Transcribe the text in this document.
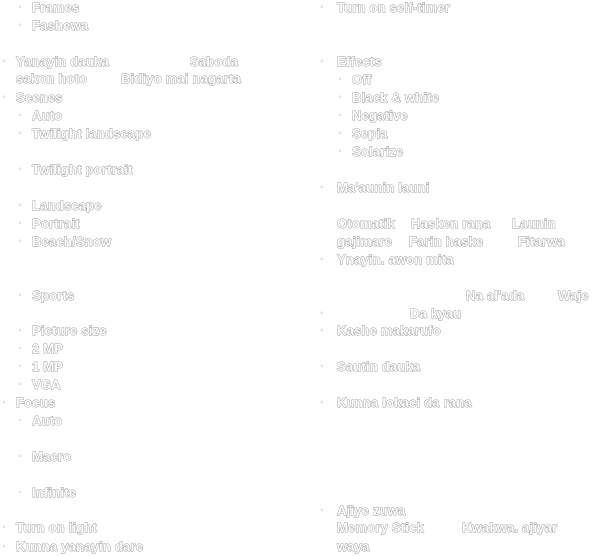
◦ Frames
◦ Fashewa
◦ Yanayin dauka	Saboda
sakon hoto	Bidiyo mai nagarta
◦ Scenes
◦ Auto
◦ Twilight landscape
◦ Twilight portrait
◦ Landscape
◦ Portrait
◦ Beach/Snow
◦ Sports
◦ Picture size
◦ 2 MP
◦ 1 MP
◦ VGA
◦ Focus
◦ Auto
◦ Macro
◦ Infinite
◦ Turn on light
◦ Kunna yanayin dare
◦ Turn on self-timer
◦ Effects
◦ Off
◦ Black & white
◦ Negative
◦ Sepia
◦ Solarize
◦ Ma'aunin launi
Otomatik Hasken rana Launin
gajimare Farin haske	Fitarwa
◦ Ynayin. awon mita
Na al'ada	Waje
◦	Da kyau
◦ Kashe makarufo
◦ Sautin dauka
◦ Kunna lokaci da rana
◦ Ajiye zuwa
Memory Stick	Kwakwa. ajiyar
waya
